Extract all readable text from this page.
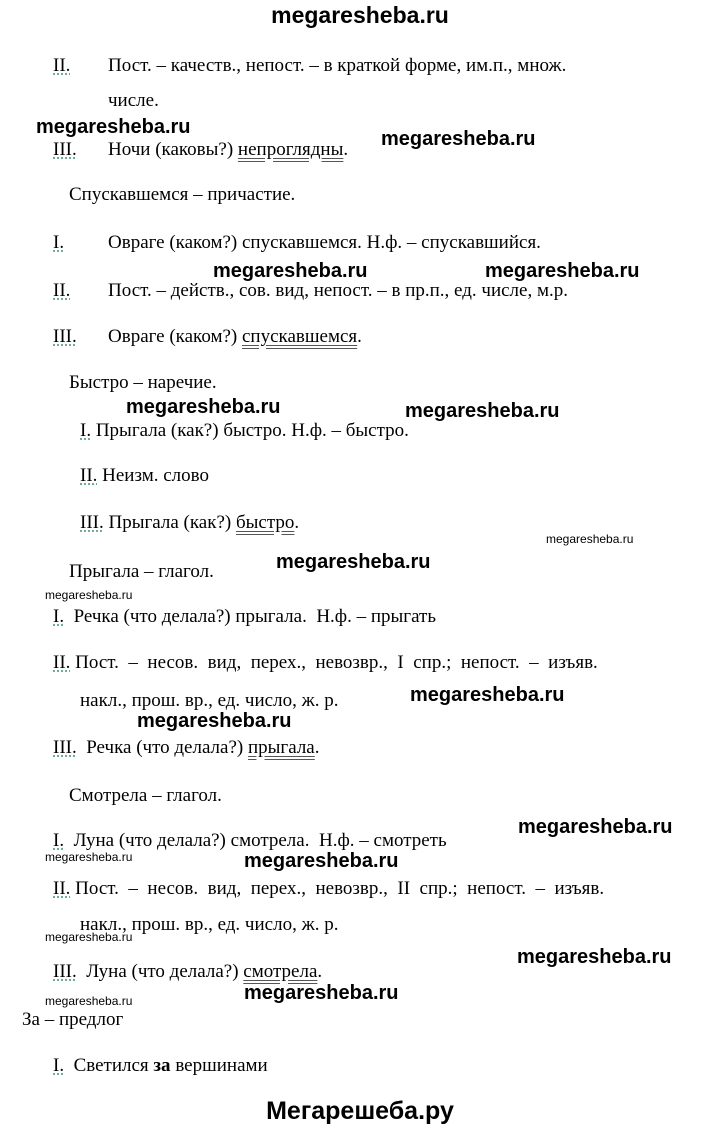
megaresheba.ru
II. Пост. – качеств., непост. – в краткой форме, им.п., множ.
числе.
III. Ночи (каковы?) непроглядны.
Спускавшемся – причастие.
I. Овраге (каком?) спускавшемся. Н.ф. – спускавшийся.
II. Пост. – действ., сов. вид, непост. – в пр.п., ед. числе, м.р.
III. Овраге (каком?) спускавшемся.
Быстро – наречие.
I. Прыгала (как?) быстро. Н.ф. – быстро.
II. Неизм. слово
III. Прыгала (как?) быстро.
Прыгала – глагол.
I.  Речка (что делала?) прыгала.  Н.ф. – прыгать
II. Пост.  –  несов.  вид,  перех.,  невозвр.,  I  спр.;  непост.  –  изъяв.
накл., прош. вр., ед. число, ж. р.
III.  Речка (что делала?) прыгала.
Смотрела – глагол.
I.  Луна (что делала?) смотрела.  Н.ф. – смотреть
II. Пост.  –  несов.  вид,  перех.,  невозвр.,  II  спр.;  непост.  –  изъяв.
накл., прош. вр., ед. число, ж. р.
III.  Луна (что делала?) смотрела.
За – предлог
I.  Светился за вершинами
megaresheba.ru
megaresheba.ru
megaresheba.ru	megaresheba.ru
megaresheba.ru	megaresheba.ru
megaresheba.ru
megaresheba.ru
megaresheba.ru
megaresheba.ru
megaresheba.ru
megaresheba.ru
megaresheba.ru	megaresheba.ru
megaresheba.ru
megaresheba.ru
megaresheba.ru
megaresheba.ru
Мегарешеба.ру
